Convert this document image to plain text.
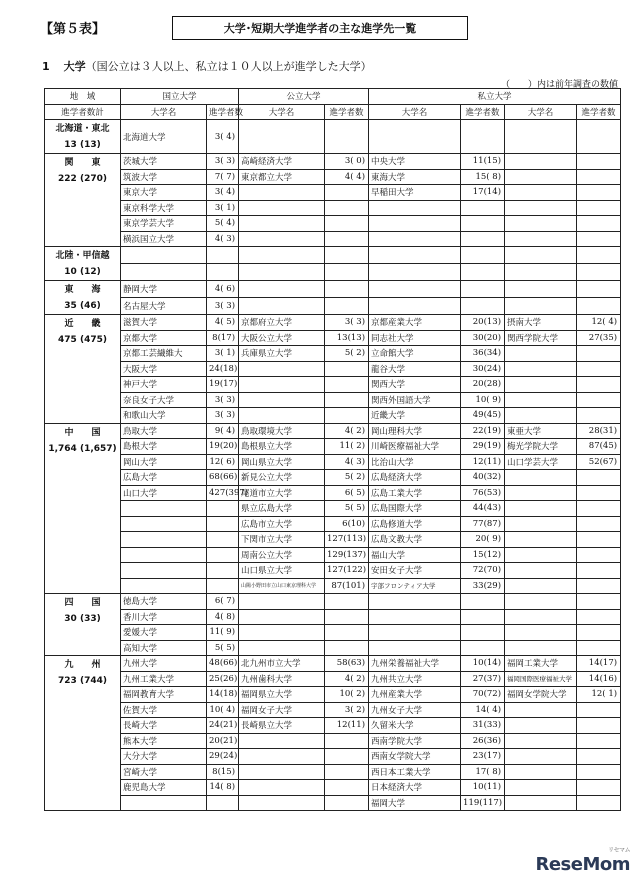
【第５表】	大学･短期大学進学者の主な進学先一覧
1 大学（国公立は３人以上、私立は１０人以上が進学した大学）
（　　）内は前年調査の数値
地　域	国立大学		公立大学		私立大学			
進学者数計	大学名	進学者数	大学名	進学者数	大学名	進学者数	大学名	進学者数

北海道・東北
13 (13)	北海道大学	3( 4)						

関　　東
222 (270)	茨城大学	3( 3)	高崎経済大学	3( 0)	中央大学	11(15)		
	筑波大学	7( 7)	東京都立大学	4( 4)	東海大学	15( 8)		
	東京大学	3( 4)			早稲田大学	17(14)		
	東京科学大学	3( 1)						
	東京学芸大学	5( 4)						
	横浜国立大学	4( 3)						

北陸・甲信越
10 (12)								

東　　海
35 (46)	静岡大学	4( 6)						
	名古屋大学	3( 3)						

近　　畿
475 (475)	滋賀大学	4( 5)	京都府立大学	3( 3)	京都産業大学	20(13)	摂南大学	12( 4)
	京都大学	8(17)	大阪公立大学	13(13)	同志社大学	30(20)	関西学院大学	27(35)
	京都工芸繊維大	3( 1)	兵庫県立大学	5( 2)	立命館大学	36(34)		
	大阪大学	24(18)			龍谷大学	30(24)		
	神戸大学	19(17)			関西大学	20(28)		
	奈良女子大学	3( 3)			関西外国語大学	10( 9)		
	和歌山大学	3( 3)			近畿大学	49(45)		

中　　国
1,764 (1,657)	鳥取大学	9( 4)	鳥取環境大学	4( 2)	岡山理科大学	22(19)	東亜大学	28(31)
	島根大学	19(20)	島根県立大学	11( 2)	川崎医療福祉大学	29(19)	梅光学院大学	87(45)
	岡山大学	12( 6)	岡山県立大学	4( 3)	比治山大学	12(11)	山口学芸大学	52(67)
	広島大学	68(66)	新見公立大学	5( 2)	広島経済大学	40(32)		
	山口大学	427(397)	尾道市立大学	6( 5)	広島工業大学	76(53)		
			県立広島大学	5( 5)	広島国際大学	44(43)		
			広島市立大学	6(10)	広島修道大学	77(87)		
			下関市立大学	127(113)	広島文教大学	20( 9)		
			周南公立大学	129(137)	福山大学	15(12)		
			山口県立大学	127(122)	安田女子大学	72(70)		
			山陽小野田市立山口東京理科大学	87(101)	宇部フロンティア大学	33(29)		

四　　国
30 (33)	徳島大学	6( 7)						
	香川大学	4( 8)						
	愛媛大学	11( 9)						
	高知大学	5( 5)						

九　　州
723 (744)	九州大学	48(66)	北九州市立大学	58(63)	九州栄養福祉大学	10(14)	福岡工業大学	14(17)
	九州工業大学	25(26)	九州歯科大学	4( 2)	九州共立大学	27(37)	福岡国際医療福祉大学	14(16)
	福岡教育大学	14(18)	福岡県立大学	10( 2)	九州産業大学	70(72)	福岡女学院大学	12( 1)
	佐賀大学	10( 4)	福岡女子大学	3( 2)	九州女子大学	14( 4)		
	長崎大学	24(21)	長崎県立大学	12(11)	久留米大学	31(33)		
	熊本大学	20(21)			西南学院大学	26(36)		
	大分大学	29(24)			西南女学院大学	23(17)		
	宮崎大学	8(15)			西日本工業大学	17( 8)		
	鹿児島大学	14( 8)			日本経済大学	10(11)		
					福岡大学	119(117)		
リセマム
ReseMom
